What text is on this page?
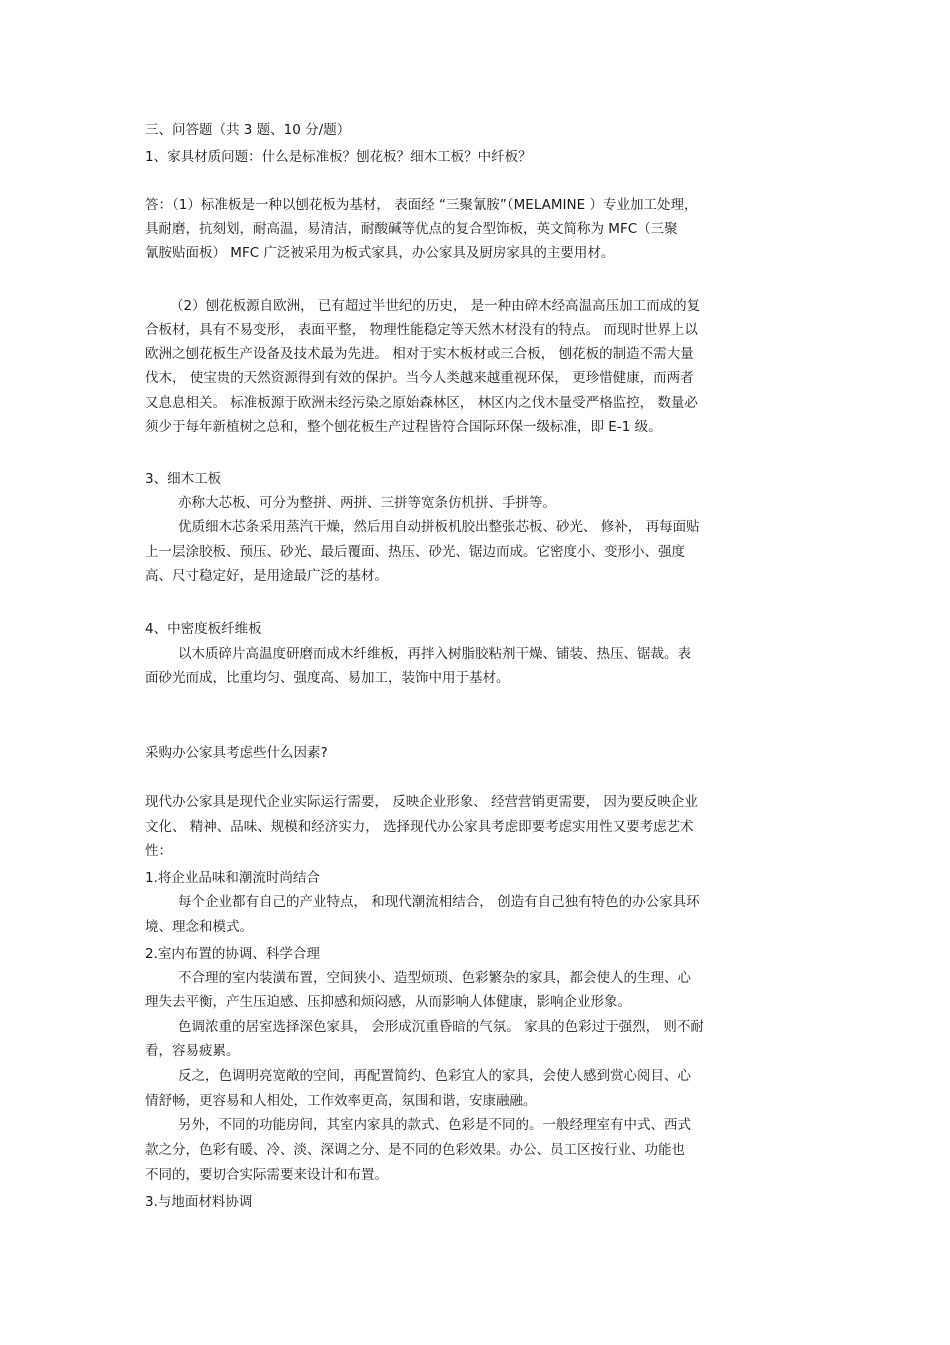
三、问答题（共 3 题、10 分/题）

1、家具材质问题：什么是标准板？刨花板？细木工板？中纤板？

答：（1）标准板是一种以刨花板为基材， 表面经 “三聚氰胺”（MELAMINE ）专业加工处理，

具耐磨，抗刻划，耐高温，易清洁，耐酸碱等优点的复合型饰板，英文简称为 MFC（三聚

氰胺贴面板） MFC 广泛被采用为板式家具，办公家具及厨房家具的主要用材。

（2）刨花板源自欧洲， 已有超过半世纪的历史， 是一种由碎木经高温高压加工而成的复

合板材，具有不易变形， 表面平整， 物理性能稳定等天然木材没有的特点。 而现时世界上以

欧洲之刨花板生产设备及技术最为先进。 相对于实木板材或三合板， 刨花板的制造不需大量

伐木， 使宝贵的天然资源得到有效的保护。当今人类越来越重视环保， 更珍惜健康，而两者

又息息相关。 标准板源于欧洲未经污染之原始森林区， 林区内之伐木量受严格监控， 数量必

须少于每年新植树之总和，整个刨花板生产过程皆符合国际环保一级标准，即 E-1 级。

3、细木工板

亦称大芯板、可分为整拼、两拼、三拼等宽条仿机拼、手拼等。

优质细木芯条采用蒸汽干燥，然后用自动拼板机胶出整张芯板、砂光、 修补， 再每面贴

上一层涂胶板、预压、砂光、最后覆面、热压、砂光、锯边而成。它密度小、变形小、强度

高、尺寸稳定好，是用途最广泛的基材。

4、中密度板纤维板

以木质碎片高温度研磨而成木纤维板，再拌入树脂胶粘剂干燥、铺装、热压、锯裁。表

面砂光而成，比重均匀、强度高、易加工，装饰中用于基材。

采购办公家具考虑些什么因素?

现代办公家具是现代企业实际运行需要， 反映企业形象、 经营营销更需要， 因为要反映企业

文化、 精神、品味、规模和经济实力， 选择现代办公家具考虑即要考虑实用性又要考虑艺术

性：

1.将企业品味和潮流时尚结合

每个企业都有自己的产业特点， 和现代潮流相结合， 创造有自己独有特色的办公家具环

境、理念和模式。

2.室内布置的协调、科学合理

不合理的室内装潢布置，空间狭小、造型烦琐、色彩繁杂的家具，都会使人的生理、心

理失去平衡，产生压迫感、压抑感和烦闷感，从而影响人体健康，影响企业形象。

色调浓重的居室选择深色家具， 会形成沉重昏暗的气氛。 家具的色彩过于强烈， 则不耐

看，容易疲累。

反之，色调明亮宽敞的空间，再配置简约、色彩宜人的家具，会使人感到赏心阅目、心

情舒畅，更容易和人相处，工作效率更高，氛围和谐，安康融融。

另外，不同的功能房间，其室内家具的款式、色彩是不同的。一般经理室有中式、西式

款之分，色彩有暖、冷、淡、深调之分、是不同的色彩效果。办公、员工区按行业、功能也

不同的，要切合实际需要来设计和布置。

3.与地面材料协调
